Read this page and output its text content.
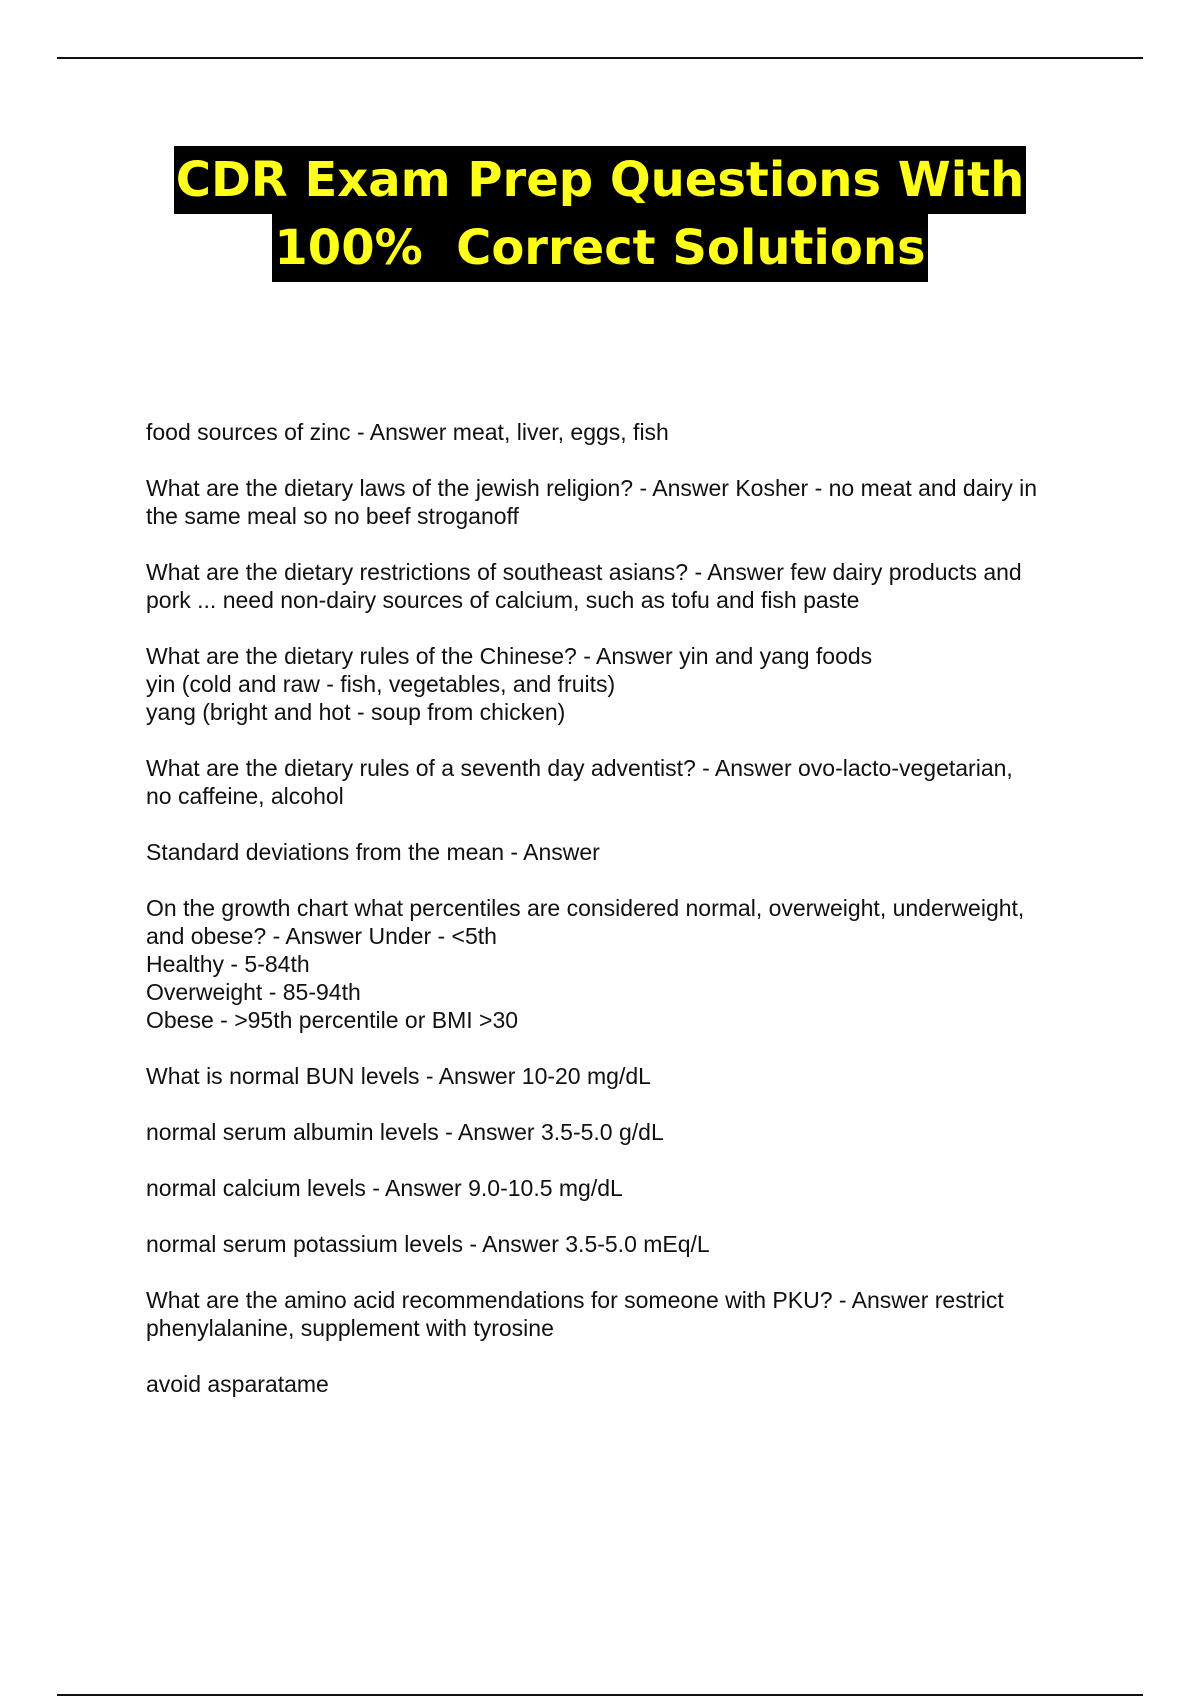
CDR Exam Prep Questions With
100%  Correct Solutions
food sources of zinc - Answer meat, liver, eggs, fish
What are the dietary laws of the jewish religion? - Answer Kosher - no meat and dairy in
the same meal so no beef stroganoff
What are the dietary restrictions of southeast asians? - Answer few dairy products and
pork ... need non-dairy sources of calcium, such as tofu and fish paste
What are the dietary rules of the Chinese? - Answer yin and yang foods
yin (cold and raw - fish, vegetables, and fruits)
yang (bright and hot - soup from chicken)
What are the dietary rules of a seventh day adventist? - Answer ovo-lacto-vegetarian,
no caffeine, alcohol
Standard deviations from the mean - Answer
On the growth chart what percentiles are considered normal, overweight, underweight,
and obese? - Answer Under - <5th
Healthy - 5-84th
Overweight - 85-94th
Obese - >95th percentile or BMI >30
What is normal BUN levels - Answer 10-20 mg/dL
normal serum albumin levels - Answer 3.5-5.0 g/dL
normal calcium levels - Answer 9.0-10.5 mg/dL
normal serum potassium levels - Answer 3.5-5.0 mEq/L
What are the amino acid recommendations for someone with PKU? - Answer restrict
phenylalanine, supplement with tyrosine
avoid asparatame
